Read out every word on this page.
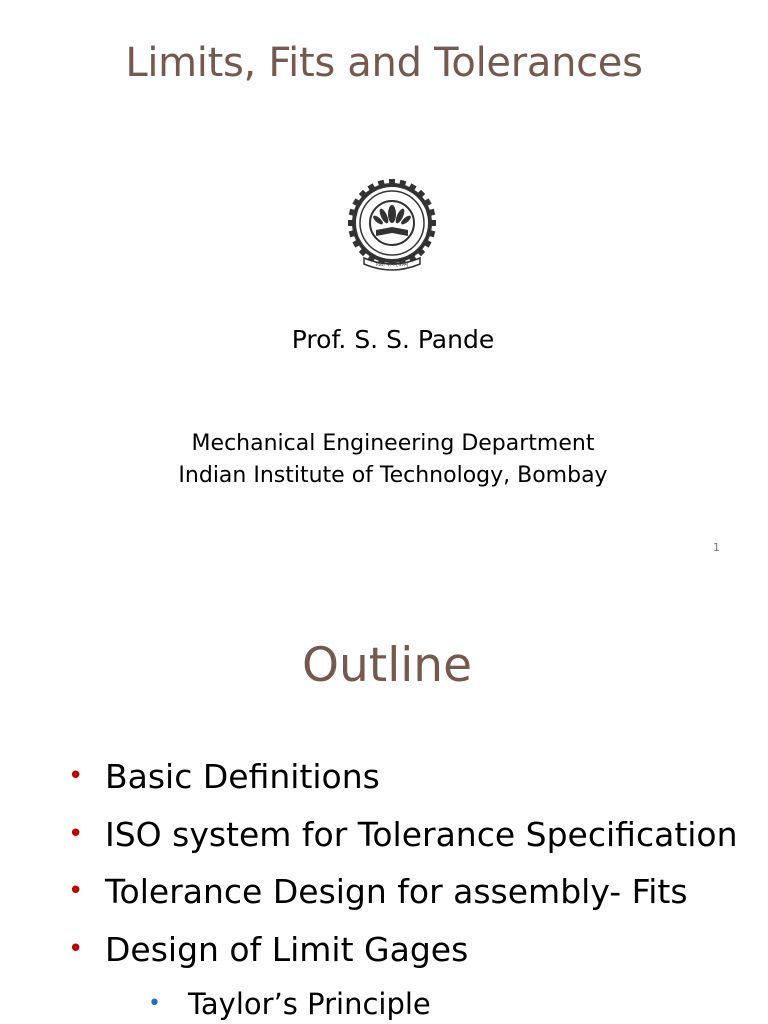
Limits, Fits and Tolerances
विद्या परमम् बलम्
Prof. S. S. Pande
Mechanical Engineering Department
Indian Institute of Technology, Bombay
1
Outline
• Basic Definitions
• ISO system for Tolerance Specification
• Tolerance Design for assembly- Fits
• Design of Limit Gages
• Taylor’s Principle
